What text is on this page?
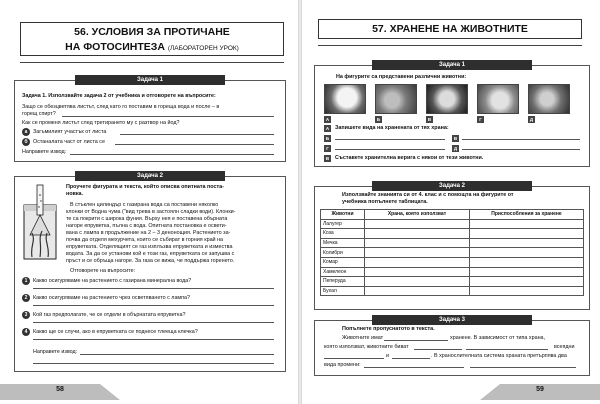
56. УСЛОВИЯ ЗА ПРОТИЧАНЕ
НА ФОТОСИНТЕЗА (ЛАБОРАТОРЕН УРОК)
Задача 1
Задача 1. Използвайте задача 2 от учебника и отговорете на въпросите:
Защо се обезцветява листът, след като го поставим в гореща вода и после – в
горещ спирт?
Как се променя листът след третирането му с разтвор на йод?
а	Загъмилият участък от листа
б	Останалата част от листа се
Направете извод:
Задача 2
Проучете фигурата и текста, който описва опитната поста-
новка.
В стъклен цилиндър с газирана вода са поставени няколко
клонки от Водна чума ("вид трева в застоялн сладки води). Клонки-
те са покрити с широка фуния. Върху нея е поставена обърната
нагоре епруветка, пълна с вода. Опитната постановка е освети-
вана с лампа в продължение на 2 – 3 денонощия. Растението за-
почва да отделя мехурчета, които се събират в горния край на
епруветката. Отделящият се газ изплъзва епруветката и измества
водата. За да се установи кой е този газ, епруветката се запушва с
пръст и се обръща нагоре. За газа се вижа, че поддържа горенето.
Отговорете на въпросите:
1	Какво осигуряваме на растението с газирана минерална вода?
2	Какво осигуряваме на растението чрез осветяването с лампа?
3	Кой газ предполагате, че се отдели в обърнатата епруветка?
4	Какво ще се случи, ако в епруветката се поднесе тлееща клечка?
Направете извод:
58
57. ХРАНЕНЕ НА ЖИВОТНИТЕ
Задача 1
На фигурите са представени различни животни:
А	Б	В	Г	Д
А	Запишете вида на хранената от тях храна:
Б	В
Г	Д
В	Съставете хранителна верига с някои от тези животни.
Задача 2
Използвайте знанията си от 4. клас и с помощта на фигурите от
учебника попълнете таблицата.
Животни	Храна, която използват	Приспособления за хранене
Лалугер		
Коза		
Мечка		
Колибри		
Комар		
Хамелеон		
Пеперуда		
Бухал		
Задача 3
Попълнете пропуснатото в текста.
Животните имат	хранене. В зависимост от типа храна,
която използват, животните биват	всеядни
и	. В хранослителната система храната претърпява два
вида промени:
59
